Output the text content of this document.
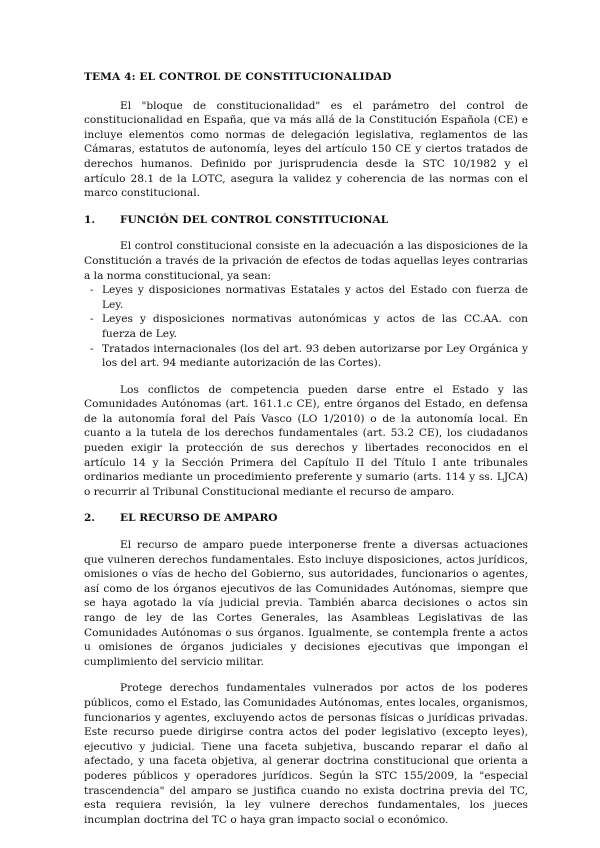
TEMA 4: EL CONTROL DE CONSTITUCIONALIDAD

El "bloque de constitucionalidad" es el parámetro del control de constitucionalidad en España, que va más allá de la Constitución Española (CE) e incluye elementos como normas de delegación legislativa, reglamentos de las Cámaras, estatutos de autonomía, leyes del artículo 150 CE y ciertos tratados de derechos humanos. Definido por jurisprudencia desde la STC 10/1982 y el artículo 28.1 de la LOTC, asegura la validez y coherencia de las normas con el marco constitucional.

1.	FUNCIÓN DEL CONTROL CONSTITUCIONAL

El control constitucional consiste en la adecuación a las disposiciones de la Constitución a través de la privación de efectos de todas aquellas leyes contrarias a la norma constitucional, ya sean:

- Leyes y disposiciones normativas Estatales y actos del Estado con fuerza de Ley.
- Leyes y disposiciones normativas autonómicas y actos de las CC.AA. con fuerza de Ley.
- Tratados internacionales (los del art. 93 deben autorizarse por Ley Orgánica y los del art. 94 mediante autorización de las Cortes).

Los conflictos de competencia pueden darse entre el Estado y las Comunidades Autónomas (art. 161.1.c CE), entre órganos del Estado, en defensa de la autonomía foral del País Vasco (LO 1/2010) o de la autonomía local. En cuanto a la tutela de los derechos fundamentales (art. 53.2 CE), los ciudadanos pueden exigir la protección de sus derechos y libertades reconocidos en el artículo 14 y la Sección Primera del Capítulo II del Título I ante tribunales ordinarios mediante un procedimiento preferente y sumario (arts. 114 y ss. LJCA) o recurrir al Tribunal Constitucional mediante el recurso de amparo.

2.	EL RECURSO DE AMPARO

El recurso de amparo puede interponerse frente a diversas actuaciones que vulneren derechos fundamentales. Esto incluye disposiciones, actos jurídicos, omisiones o vías de hecho del Gobierno, sus autoridades, funcionarios o agentes, así como de los órganos ejecutivos de las Comunidades Autónomas, siempre que se haya agotado la vía judicial previa. También abarca decisiones o actos sin rango de ley de las Cortes Generales, las Asambleas Legislativas de las Comunidades Autónomas o sus órganos. Igualmente, se contempla frente a actos u omisiones de órganos judiciales y decisiones ejecutivas que impongan el cumplimiento del servicio militar.

Protege derechos fundamentales vulnerados por actos de los poderes públicos, como el Estado, las Comunidades Autónomas, entes locales, organismos, funcionarios y agentes, excluyendo actos de personas físicas o jurídicas privadas. Este recurso puede dirigirse contra actos del poder legislativo (excepto leyes), ejecutivo y judicial. Tiene una faceta subjetiva, buscando reparar el daño al afectado, y una faceta objetiva, al generar doctrina constitucional que orienta a poderes públicos y operadores jurídicos. Según la STC 155/2009, la "especial trascendencia" del amparo se justifica cuando no exista doctrina previa del TC, esta requiera revisión, la ley vulnere derechos fundamentales, los jueces incumplan doctrina del TC o haya gran impacto social o económico.
